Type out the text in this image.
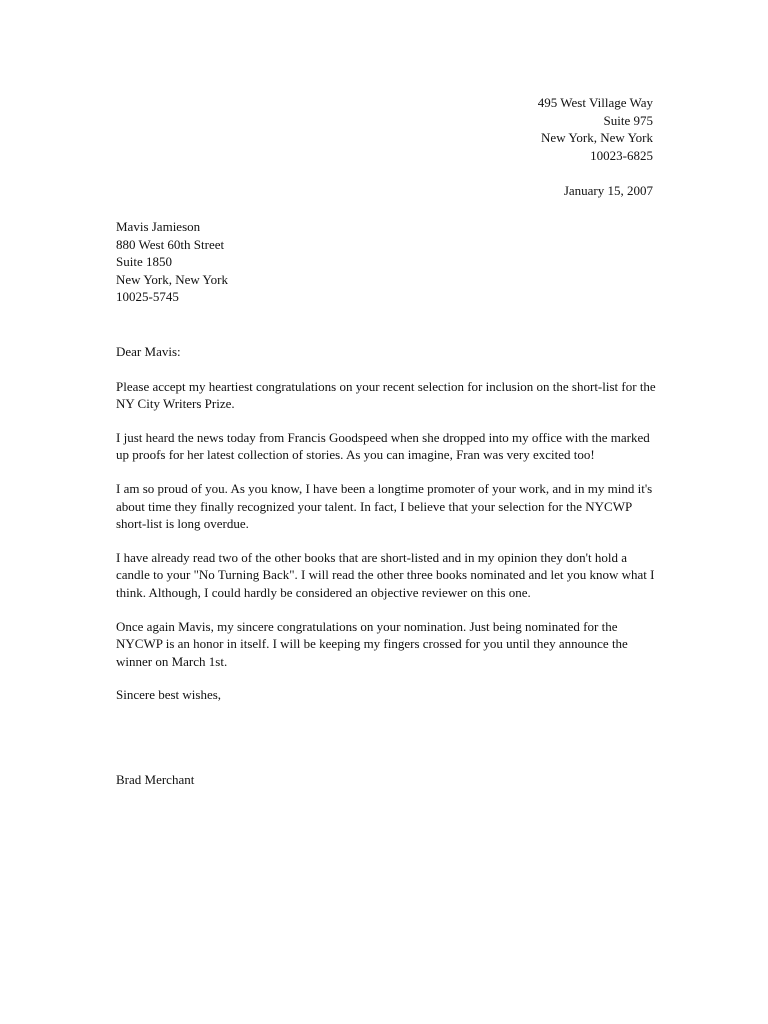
495 West Village Way
Suite 975
New York, New York
10023-6825
January 15, 2007
Mavis Jamieson
880 West 60th Street
Suite 1850
New York, New York
10025-5745
Dear Mavis:
Please accept my heartiest congratulations on your recent selection for inclusion on the short-list for the
NY City Writers Prize.
I just heard the news today from Francis Goodspeed when she dropped into my office with the marked
up proofs for her latest collection of stories. As you can imagine, Fran was very excited too!
I am so proud of you. As you know, I have been a longtime promoter of your work, and in my mind it's
about time they finally recognized your talent. In fact, I believe that your selection for the NYCWP
short-list is long overdue.
I have already read two of the other books that are short-listed and in my opinion they don't hold a
candle to your "No Turning Back". I will read the other three books nominated and let you know what I
think. Although, I could hardly be considered an objective reviewer on this one.
Once again Mavis, my sincere congratulations on your nomination. Just being nominated for the
NYCWP is an honor in itself. I will be keeping my fingers crossed for you until they announce the
winner on March 1st.
Sincere best wishes,
Brad Merchant
